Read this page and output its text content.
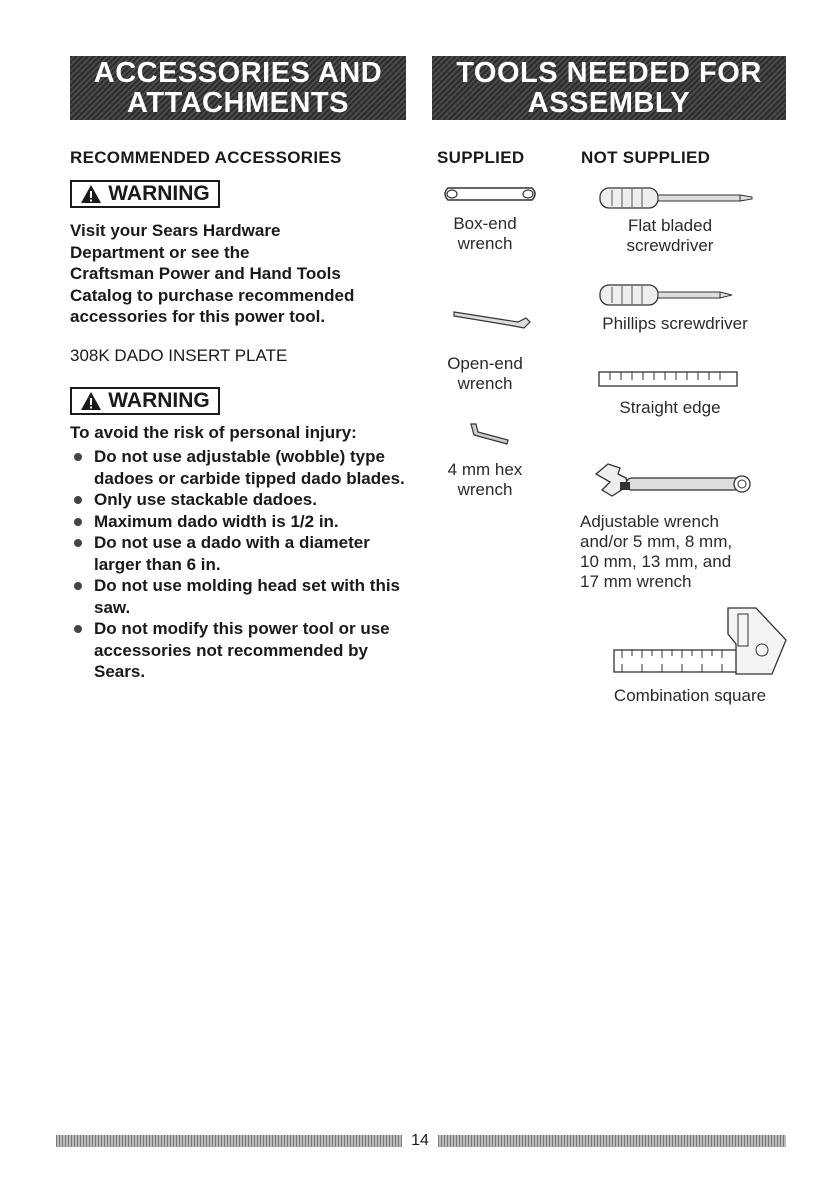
ACCESSORIES AND
ATTACHMENTS
TOOLS NEEDED FOR
ASSEMBLY
RECOMMENDED ACCESSORIES
WARNING
Visit your Sears Hardware
Department or see the
Craftsman Power and Hand Tools
Catalog to purchase recommended
accessories for this power tool.
308K DADO INSERT PLATE
WARNING
To avoid the risk of personal injury:
Do not use adjustable (wobble) type dadoes or carbide tipped dado blades.
Only use stackable dadoes.
Maximum dado width is 1/2 in.
Do not use a dado with a diameter larger than 6 in.
Do not use molding head set with this saw.
Do not modify this power tool or use accessories not recommended by Sears.
SUPPLIED
Box-end
wrench
Open-end
wrench
4 mm hex
wrench
NOT SUPPLIED
Flat bladed
screwdriver
Phillips screwdriver
Straight edge
Adjustable wrench
and/or 5 mm, 8 mm,
10 mm, 13 mm, and
17 mm wrench
Combination square
14
